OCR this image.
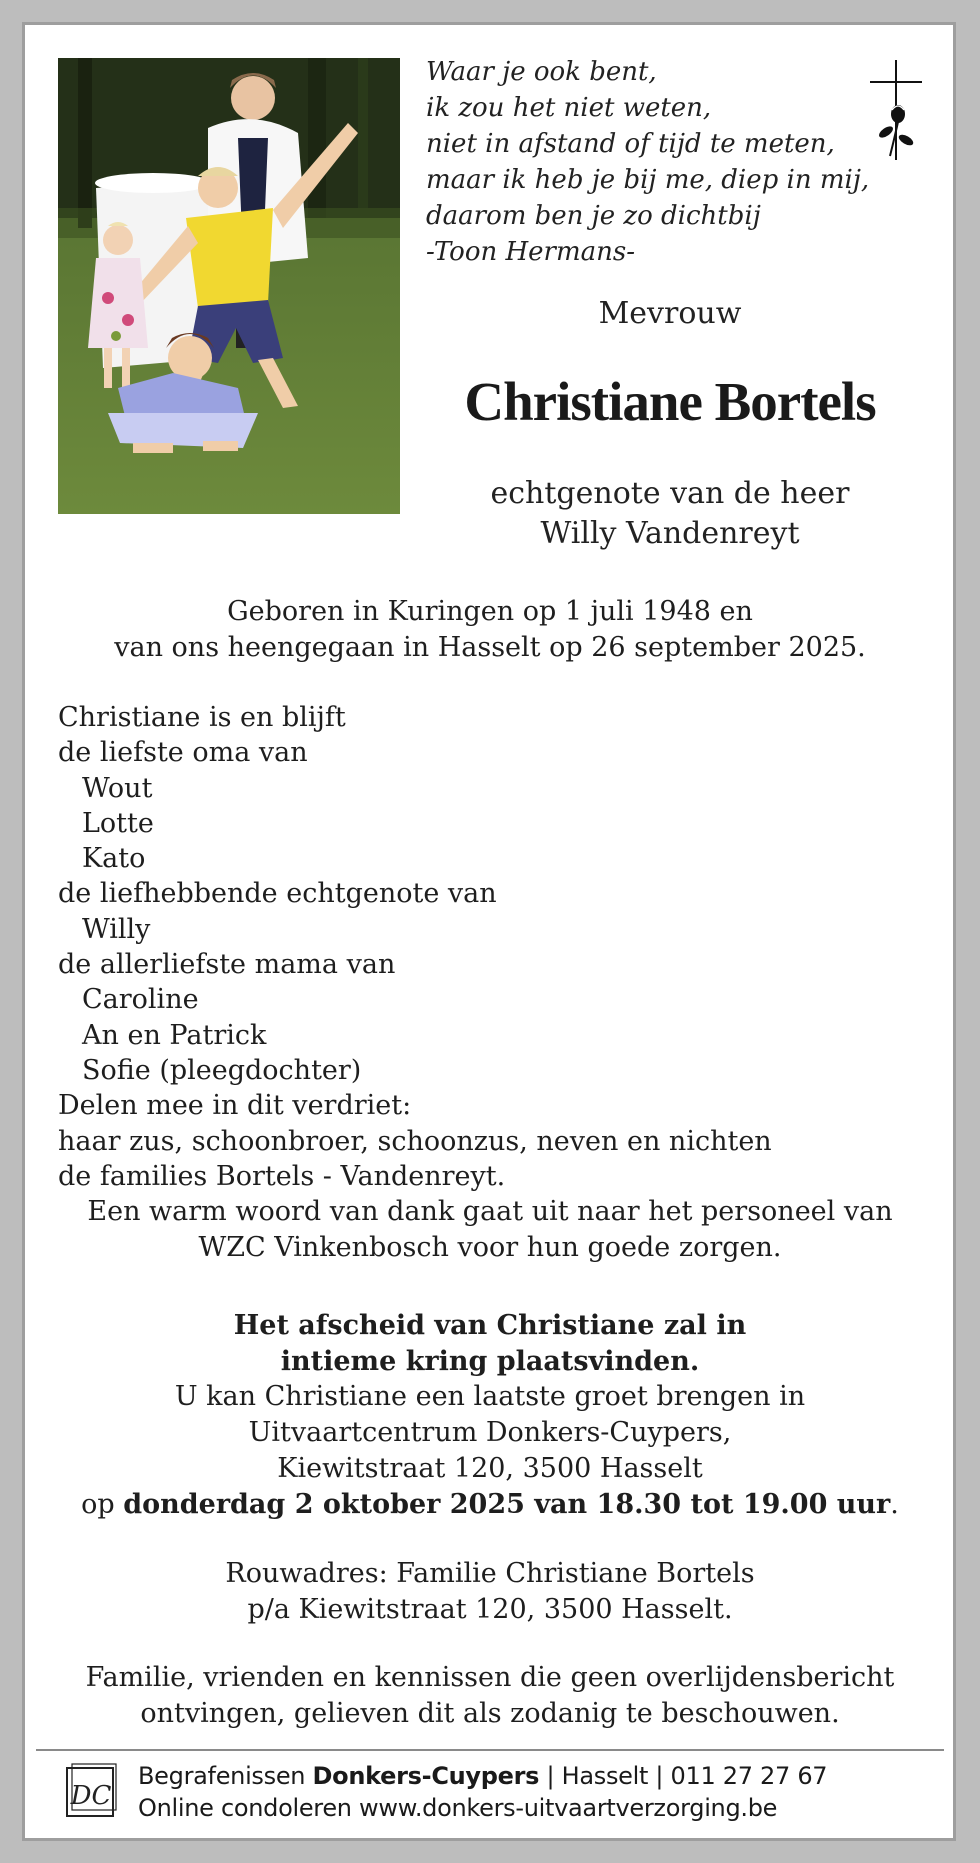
Waar je ook bent,
ik zou het niet weten,
niet in afstand of tijd te meten,
maar ik heb je bij me, diep in mij,
daarom ben je zo dichtbij
-Toon Hermans-
Mevrouw
Christiane Bortels
echtgenote van de heer
Willy Vandenreyt
Geboren in Kuringen op 1 juli 1948 en
van ons heengegaan in Hasselt op 26 september 2025.
Christiane is en blijft
de liefste oma van
Wout
Lotte
Kato
de liefhebbende echtgenote van
Willy
de allerliefste mama van
Caroline
An en Patrick
Sofie (pleegdochter)
Delen mee in dit verdriet:
haar zus, schoonbroer, schoonzus, neven en nichten
de families Bortels - Vandenreyt.
Een warm woord van dank gaat uit naar het personeel van
WZC Vinkenbosch voor hun goede zorgen.
Het afscheid van Christiane zal in
intieme kring plaatsvinden.
U kan Christiane een laatste groet brengen in
Uitvaartcentrum Donkers-Cuypers,
Kiewitstraat 120, 3500 Hasselt
op donderdag 2 oktober 2025 van 18.30 tot 19.00 uur.
Rouwadres: Familie Christiane Bortels
p/a Kiewitstraat 120, 3500 Hasselt.
Familie, vrienden en kennissen die geen overlijdensbericht
ontvingen, gelieven dit als zodanig te beschouwen.
DC
Begrafenissen Donkers-Cuypers | Hasselt | 011 27 27 67
Online condoleren www.donkers-uitvaartverzorging.be
